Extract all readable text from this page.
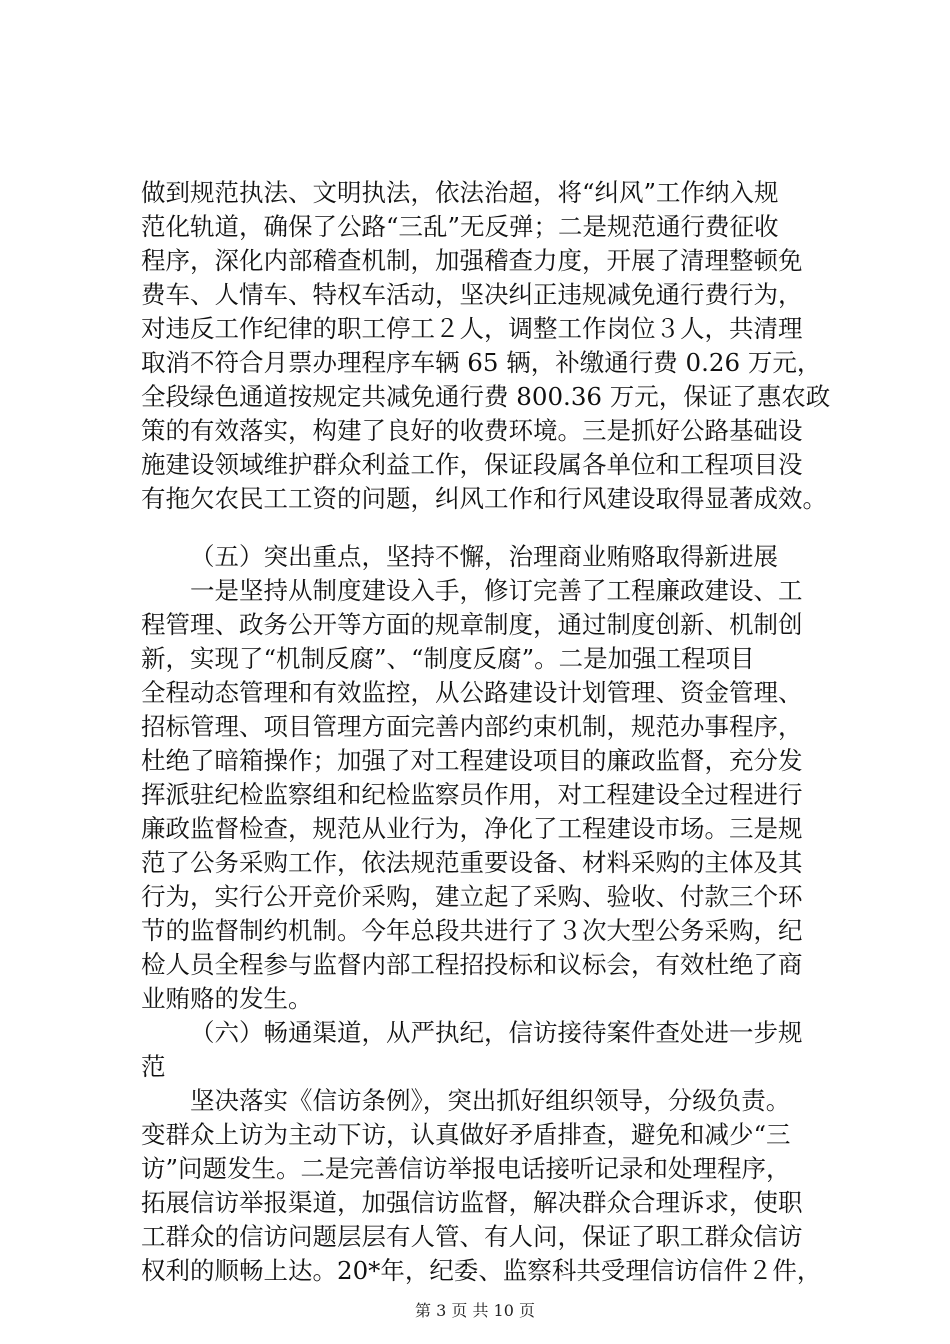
做到规范执法、文明执法，依法治超，将“纠风”工作纳入规
范化轨道，确保了公路“三乱”无反弹；二是规范通行费征收
程序，深化内部稽查机制，加强稽查力度，开展了清理整顿免
费车、人情车、特权车活动，坚决纠正违规减免通行费行为，
对违反工作纪律的职工停工２人，调整工作岗位３人，共清理
取消不符合月票办理程序车辆 65 辆，补缴通行费 0.26 万元，
全段绿色通道按规定共减免通行费 800.36 万元，保证了惠农政
策的有效落实，构建了良好的收费环境。三是抓好公路基础设
施建设领域维护群众利益工作，保证段属各单位和工程项目没
有拖欠农民工工资的问题，纠风工作和行风建设取得显著成效。
（五）突出重点，坚持不懈，治理商业贿赂取得新进展
一是坚持从制度建设入手，修订完善了工程廉政建设、工
程管理、政务公开等方面的规章制度，通过制度创新、机制创
新，实现了“机制反腐”、“制度反腐”。二是加强工程项目
全程动态管理和有效监控，从公路建设计划管理、资金管理、
招标管理、项目管理方面完善内部约束机制，规范办事程序，
杜绝了暗箱操作；加强了对工程建设项目的廉政监督，充分发
挥派驻纪检监察组和纪检监察员作用，对工程建设全过程进行
廉政监督检查，规范从业行为，净化了工程建设市场。三是规
范了公务采购工作，依法规范重要设备、材料采购的主体及其
行为，实行公开竞价采购，建立起了采购、验收、付款三个环
节的监督制约机制。今年总段共进行了３次大型公务采购，纪
检人员全程参与监督内部工程招投标和议标会，有效杜绝了商
业贿赂的发生。
（六）畅通渠道，从严执纪，信访接待案件查处进一步规
范
坚决落实《信访条例》，突出抓好组织领导，分级负责。
变群众上访为主动下访，认真做好矛盾排查，避免和减少“三
访”问题发生。二是完善信访举报电话接听记录和处理程序，
拓展信访举报渠道，加强信访监督，解决群众合理诉求，使职
工群众的信访问题层层有人管、有人问，保证了职工群众信访
权利的顺畅上达。20*年，纪委、监察科共受理信访信件２件，
第 3 页 共 10 页
